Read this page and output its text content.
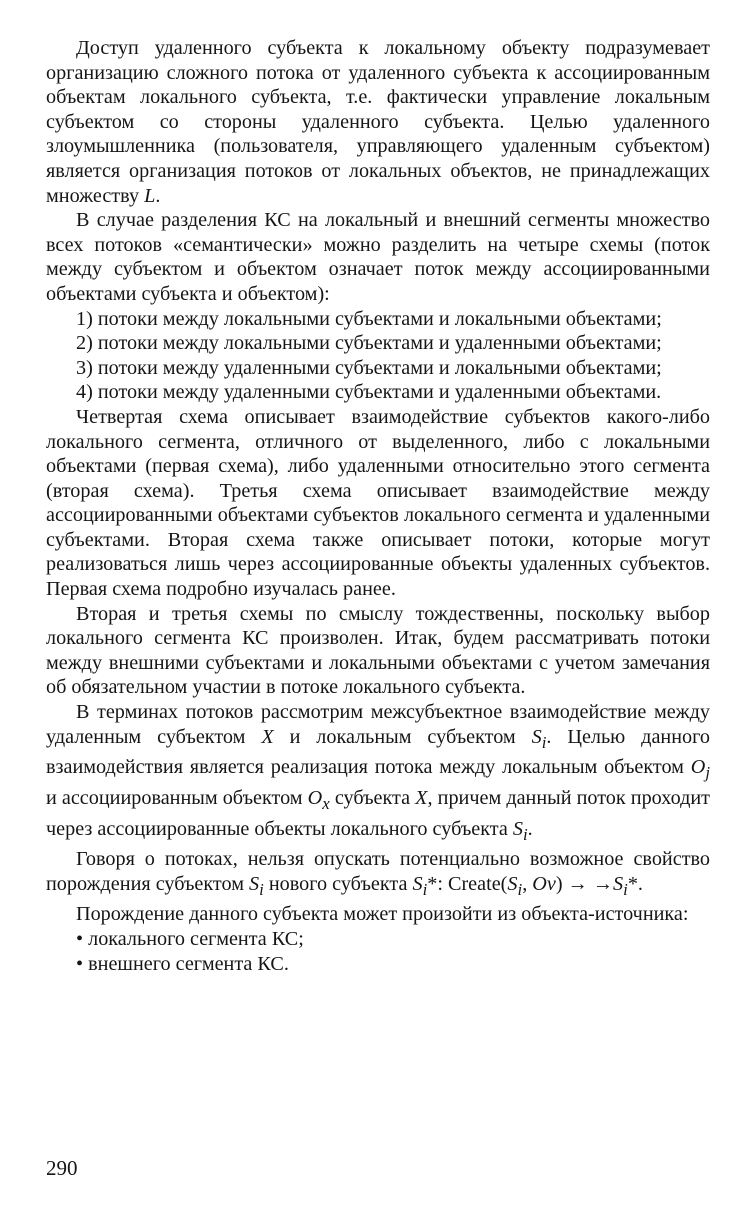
Доступ удаленного субъекта к локальному объекту подразумевает организацию сложного потока от удаленного субъекта к ассоциированным объектам локального субъекта, т.е. фактически управление локальным субъектом со стороны удаленного субъекта. Целью удаленного злоумышленника (пользователя, управляющего удаленным субъектом) является организация потоков от локальных объектов, не принадлежащих множеству L.

В случае разделения КС на локальный и внешний сегменты множество всех потоков «семантически» можно разделить на четыре схемы (поток между субъектом и объектом означает поток между ассоциированными объектами субъекта и объектом):

1) потоки между локальными субъектами и локальными объектами;

2) потоки между локальными субъектами и удаленными объектами;

3) потоки между удаленными субъектами и локальными объектами;

4) потоки между удаленными субъектами и удаленными объектами.

Четвертая схема описывает взаимодействие субъектов какого-либо локального сегмента, отличного от выделенного, либо с локальными объектами (первая схема), либо удаленными относительно этого сегмента (вторая схема). Третья схема описывает взаимодействие между ассоциированными объектами субъектов локального сегмента и удаленными субъектами. Вторая схема также описывает потоки, которые могут реализоваться лишь через ассоциированные объекты удаленных субъектов. Первая схема подробно изучалась ранее.

Вторая и третья схемы по смыслу тождественны, поскольку выбор локального сегмента КС произволен. Итак, будем рассматривать потоки между внешними субъектами и локальными объектами с учетом замечания об обязательном участии в потоке локального субъекта.

В терминах потоков рассмотрим межсубъектное взаимодействие между удаленным субъектом X и локальным субъектом $S_i$. Целью данного взаимодействия является реализация потока между локальным объектом $O_j$ и ассоциированным объектом $O_x$ субъекта X, причем данный поток проходит через ассоциированные объекты локального субъекта $S_i$.

Говоря о потоках, нельзя опускать потенциально возможное свойство порождения субъектом $S_i$ нового субъекта $S_i*$: $Create(S_i$, $Ov) \to \to S_i*$.

Порождение данного субъекта может произойти из объекта-источника:

• локального сегмента КС;

• внешнего сегмента КС.

290
